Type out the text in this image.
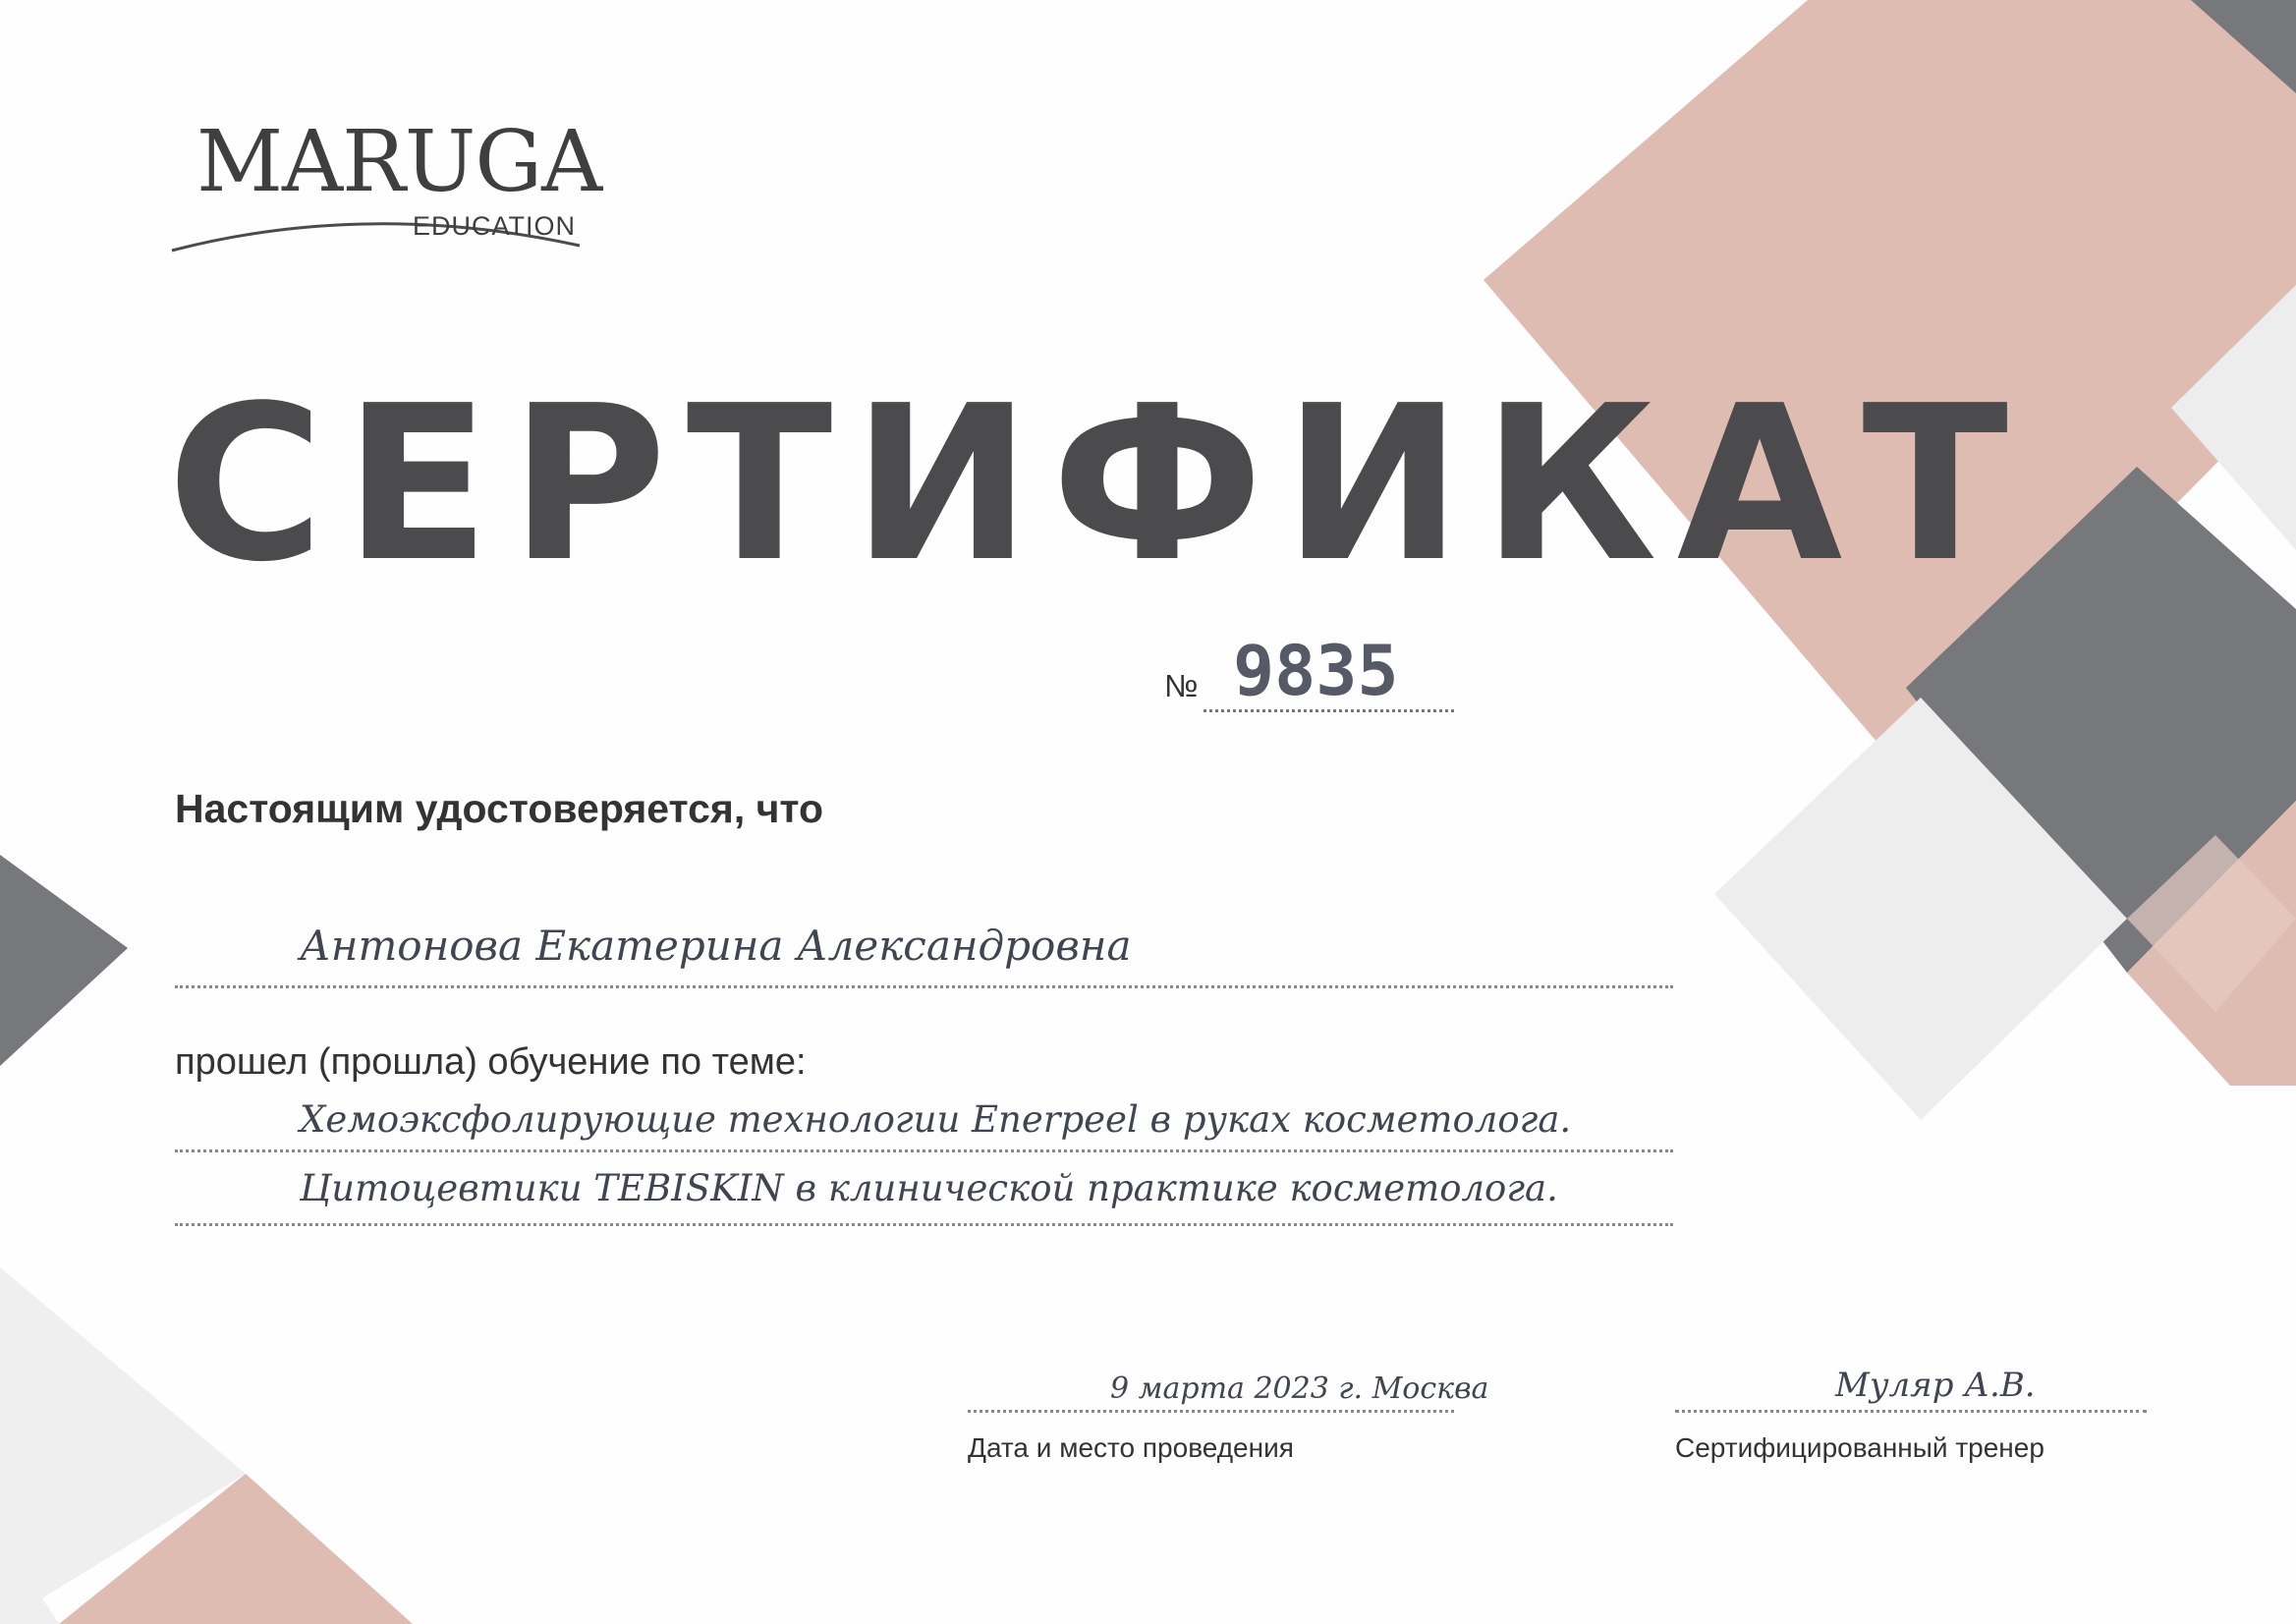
MARUGA
EDUCATION
СЕРТИФИКАТ
№ 9835
Настоящим удостоверяется, что
Антонова Екатерина Александровна
прошел (прошла) обучение по теме:
Хемоэксфолирующие технологии Enerpeel в руках косметолога.
Цитоцевтики TEBISKIN в клинической практике косметолога.
9 марта 2023 г. Москва
Дата и место проведения
Муляр А.В.
Сертифицированный тренер
